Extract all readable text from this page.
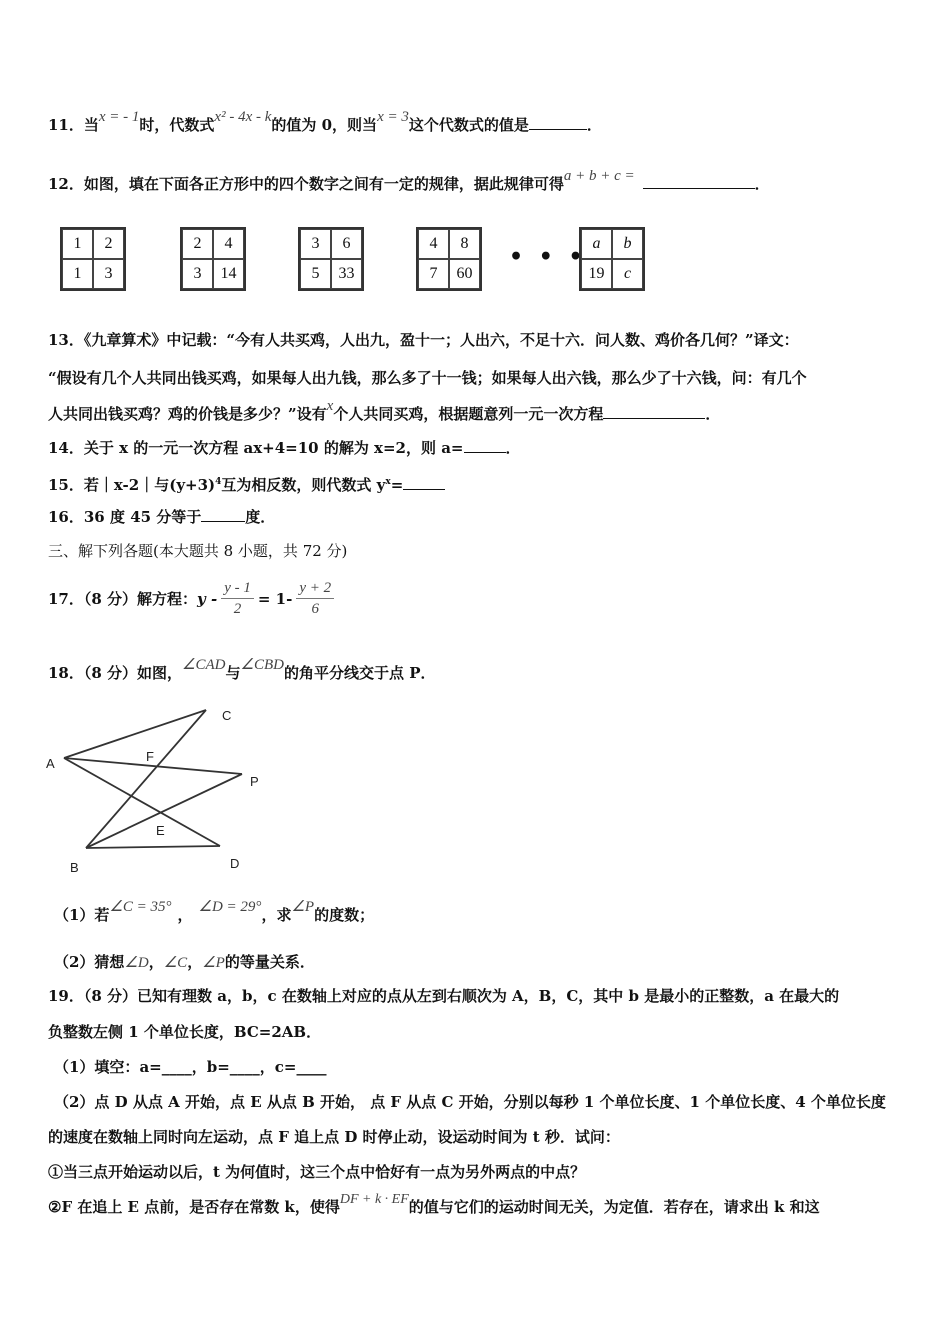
11．当x = - 1时，代数式x² - 4x - k的值为 0，则当x = 3这个代数式的值是	．
12．如图，填在下面各正方形中的四个数字之间有一定的规律，据此规律可得a + b + c =	．
1	2
1	3
2	4
3	14
3	6
5	33
4	8
7	60
• • •
a	b
19	c
13．《九章算术》中记载：“今有人共买鸡，人出九，盈十一；人出六，不足十六．问人数、鸡价各几何？”译文：
“假设有几个人共同出钱买鸡，如果每人出九钱，那么多了十一钱；如果每人出六钱，那么少了十六钱，问：有几个
人共同出钱买鸡？鸡的价钱是多少？”设有x个人共同买鸡，根据题意列一元一次方程	．
14．关于 x 的一元一次方程 ax+4=10 的解为 x=2，则 a=	．
15．若｜x-2｜与$(y+3)^4$互为相反数，则代数式 $y^x=$
16．36 度 45 分等于	度．
三、解下列各题(本大题共 8 小题，共 72 分)
17．（8 分）解方程：$y - \frac{y - 1}{2} = 1- \frac{y + 2}{6}$
18．（8 分）如图，∠CAD与∠CBD的角平分线交于点 P．
A
B
C
D
P
E
F
（1）若∠C = 35° ， ∠D = 29°，求∠P的度数；
（2）猜想∠D，∠C，∠P的等量关系．
19．（8 分）已知有理数 a，b，c 在数轴上对应的点从左到右顺次为 A，B，C，其中 b 是最小的正整数，a 在最大的
负整数左侧 1 个单位长度，BC=2AB．
（1）填空：a=____，b=____，c=____
（2）点 D 从点 A 开始，点 E 从点 B 开始， 点 F 从点 C 开始，分别以每秒 1 个单位长度、1 个单位长度、4 个单位长度
的速度在数轴上同时向左运动，点 F 追上点 D 时停止动，设运动时间为 t 秒．试问：
①当三点开始运动以后，t 为何值时，这三个点中恰好有一点为另外两点的中点？
②F 在追上 E 点前，是否存在常数 k，使得DF + k · EF的值与它们的运动时间无关，为定值．若存在，请求出 k 和这
